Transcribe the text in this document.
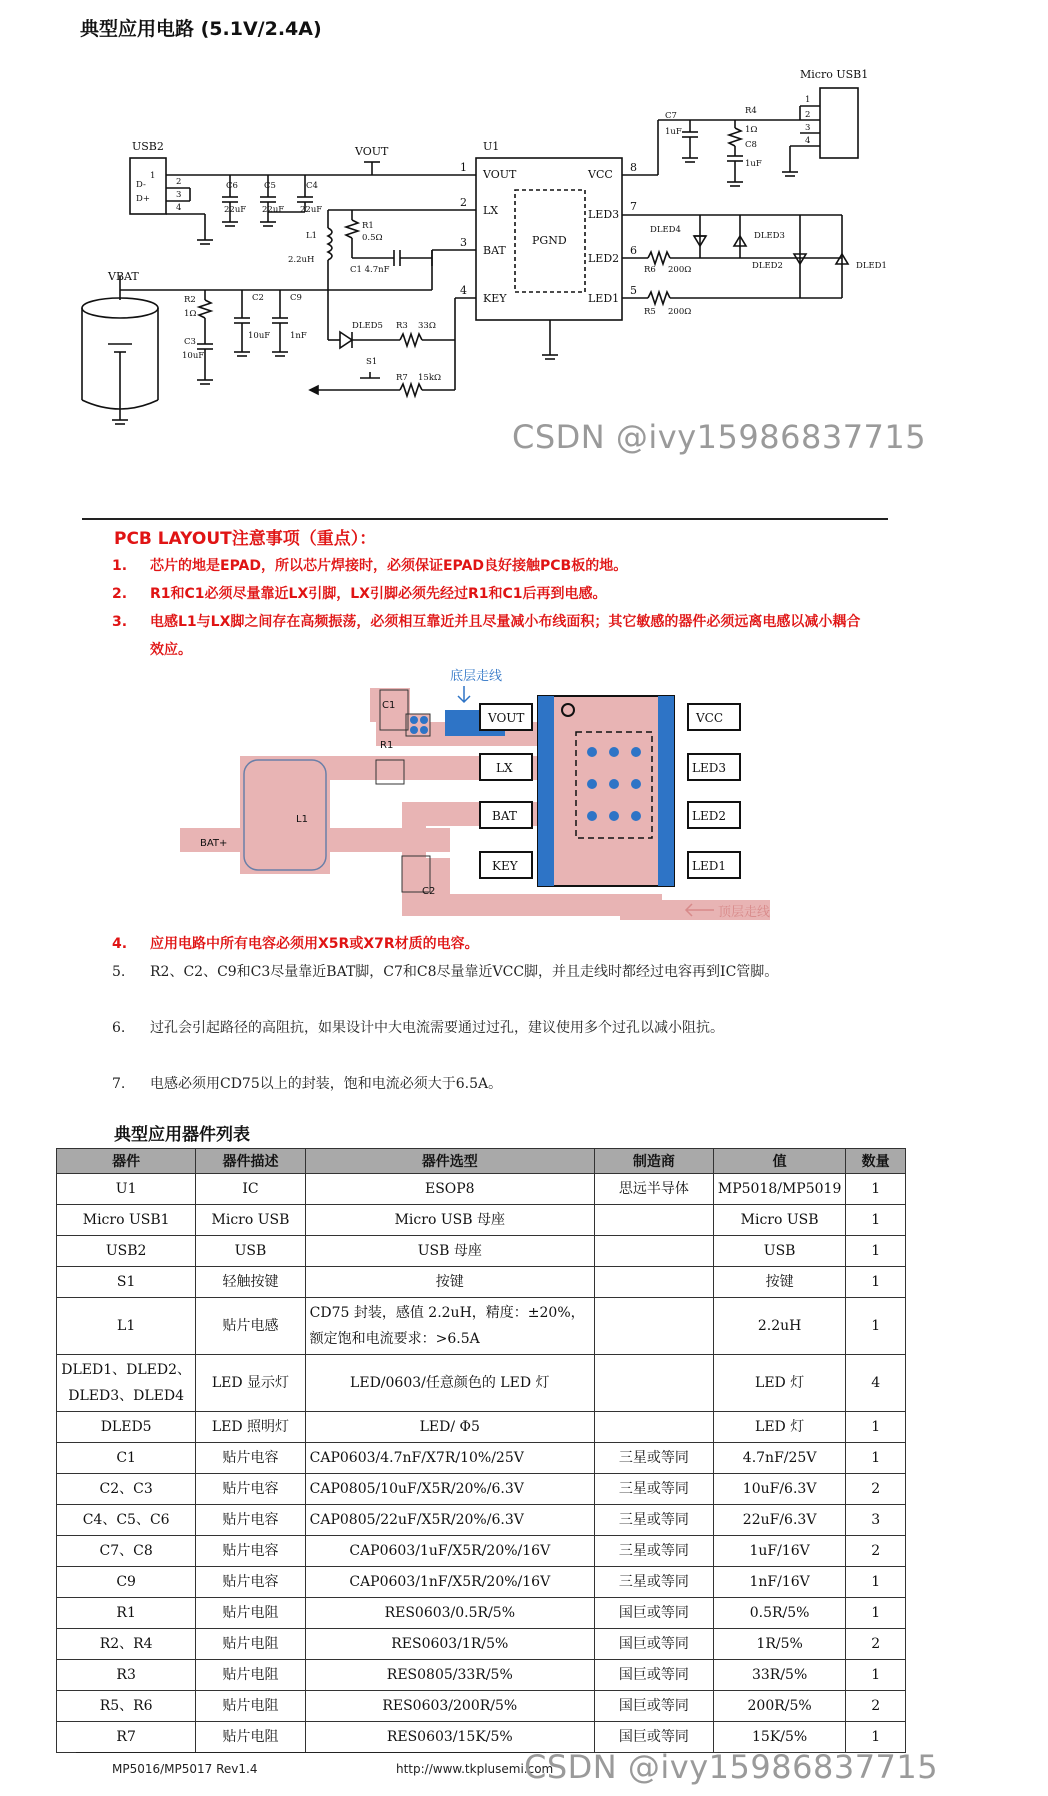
典型应用电路 (5.1V/2.4A)
U1
VOUT
VBAT
USB2
Micro USB1
VOUT
LX
BAT
KEY
VCC
LED3
LED2
LED1
PGND
1
2
3
4	5
6
7
8
1
2
3
4
D-
D+
1
2
3
4
C6
22uF
C5
22uF
C4
22uF
R1
0.5Ω
L1
2.2uH
C1 4.7nF
C7
1uF
R4
1Ω
C8
1uF
R2
1Ω
C3
10uF
C2
10uF
C9
1nF
DLED5 R3 33Ω
S1
R7 15kΩ
DLED4
DLED3
DLED2	DLED1
R6 200Ω
R5 200Ω
CSDN @ivy15986837715
PCB LAYOUT注意事项（重点）：
1.	芯片的地是EPAD，所以芯片焊接时，必须保证EPAD良好接触PCB板的地。
2.	R1和C1必须尽量靠近LX引脚，LX引脚必须先经过R1和C1后再到电感。
3.	电感L1与LX脚之间存在高频振荡，必须相互靠近并且尽量减小布线面积；其它敏感的器件必须远离电感以减小耦合效应。
VOUT
LX
BAT
KEY
VCC
LED3
LED2
LED1
C1
R1
L1
C2
BAT+
底层走线
顶层走线
4.	应用电路中所有电容必须用X5R或X7R材质的电容。
5.	R2、C2、C9和C3尽量靠近BAT脚，C7和C8尽量靠近VCC脚，并且走线时都经过电容再到IC管脚。
6.	过孔会引起路径的高阻抗，如果设计中大电流需要通过过孔，建议使用多个过孔以减小阻抗。
7.	电感必须用CD75以上的封装，饱和电流必须大于6.5A。
典型应用器件列表
器件	器件描述	器件选型	制造商	值	数量
U1	IC	ESOP8	思远半导体	MP5018/MP5019	1
Micro USB1	Micro USB	Micro USB 母座		Micro USB	1
USB2	USB	USB 母座		USB	1
S1	轻触按键	按键		按键	1
L1	贴片电感	CD75 封装，感值 2.2uH，精度：±20%，额定饱和电流要求：>6.5A		2.2uH	1
DLED1、DLED2、DLED3、DLED4	LED 显示灯	LED/0603/任意颜色的 LED 灯		LED 灯	4
DLED5	LED 照明灯	LED/ Φ5		LED 灯	1
C1	贴片电容	CAP0603/4.7nF/X7R/10%/25V	三星或等同	4.7nF/25V	1
C2、C3	贴片电容	CAP0805/10uF/X5R/20%/6.3V	三星或等同	10uF/6.3V	2
C4、C5、C6	贴片电容	CAP0805/22uF/X5R/20%/6.3V	三星或等同	22uF/6.3V	3
C7、C8	贴片电容	CAP0603/1uF/X5R/20%/16V	三星或等同	1uF/16V	2
C9	贴片电容	CAP0603/1nF/X5R/20%/16V	三星或等同	1nF/16V	1
R1	贴片电阻	RES0603/0.5R/5%	国巨或等同	0.5R/5%	1
R2、R4	贴片电阻	RES0603/1R/5%	国巨或等同	1R/5%	2
R3	贴片电阻	RES0805/33R/5%	国巨或等同	33R/5%	1
R5、R6	贴片电阻	RES0603/200R/5%	国巨或等同	200R/5%	2
R7	贴片电阻	RES0603/15K/5%	国巨或等同	15K/5%	1
MP5016/MP5017 Rev1.4	http://www.tkplusemi.com
CSDN @ivy15986837715
